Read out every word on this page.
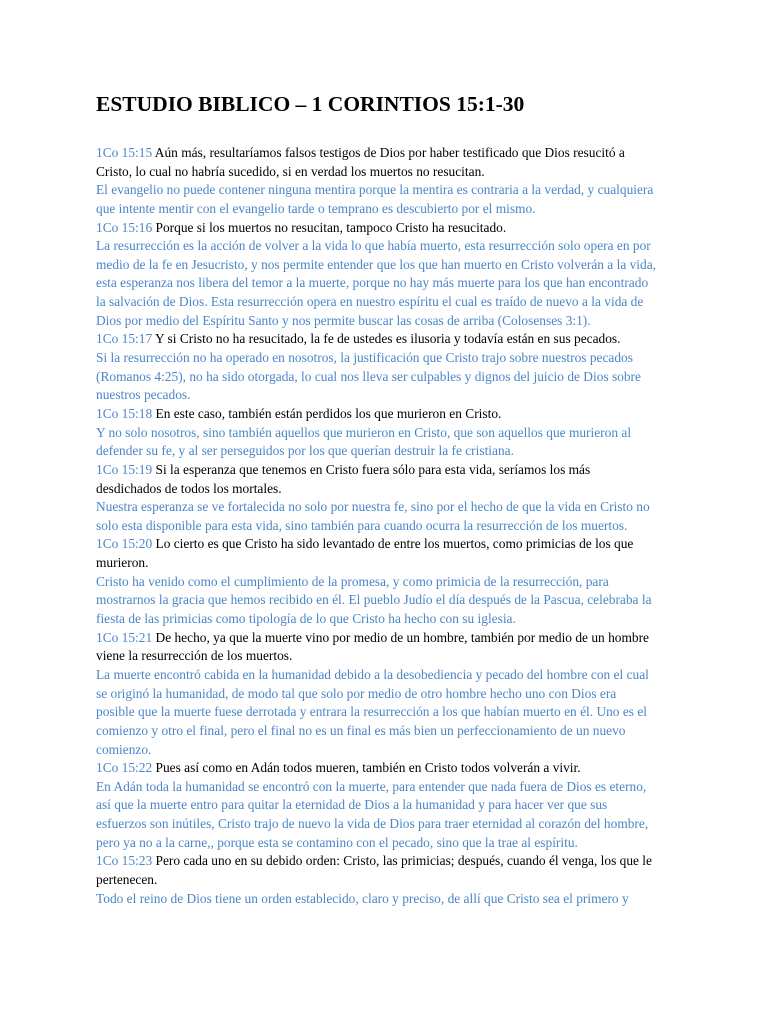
ESTUDIO BIBLICO – 1 CORINTIOS 15:1-30
1Co 15:15 Aún más, resultaríamos falsos testigos de Dios por haber testificado que Dios resucitó a
Cristo, lo cual no habría sucedido, si en verdad los muertos no resucitan.
El evangelio no puede contener ninguna mentira porque la mentira es contraria a la verdad, y cualquiera
que intente mentir con el evangelio tarde o temprano es descubierto por el mismo.
1Co 15:16 Porque si los muertos no resucitan, tampoco Cristo ha resucitado.
La resurrección es la acción de volver a la vida lo que había muerto, esta resurrección solo opera en por
medio de la fe en Jesucristo, y nos permite entender que los que han muerto en Cristo volverán a la vida,
esta esperanza nos libera del temor a la muerte, porque no hay más muerte para los que han encontrado
la salvación de Dios. Esta resurrección opera en nuestro espíritu el cual es traído de nuevo a la vida de
Dios por medio del Espíritu Santo y nos permite buscar las cosas de arriba (Colosenses 3:1).
1Co 15:17 Y si Cristo no ha resucitado, la fe de ustedes es ilusoria y todavía están en sus pecados.
Si la resurrección no ha operado en nosotros, la justificación que Cristo trajo sobre nuestros pecados
(Romanos 4:25), no ha sido otorgada, lo cual nos lleva ser culpables y dignos del juicio de Dios sobre
nuestros pecados.
1Co 15:18 En este caso, también están perdidos los que murieron en Cristo.
Y no solo nosotros, sino también aquellos que murieron en Cristo, que son aquellos que murieron al
defender su fe, y al ser perseguidos por los que querían destruir la fe cristiana.
1Co 15:19 Si la esperanza que tenemos en Cristo fuera sólo para esta vida, seríamos los más
desdichados de todos los mortales.
Nuestra esperanza se ve fortalecida no solo por nuestra fe, sino por el hecho de que la vida en Cristo no
solo esta disponible para esta vida, sino también para cuando ocurra la resurrección de los muertos.
1Co 15:20 Lo cierto es que Cristo ha sido levantado de entre los muertos, como primicias de los que
murieron.
Cristo ha venido como el cumplimiento de la promesa, y como primicia de la resurrección, para
mostrarnos la gracia que hemos recibido en él. El pueblo Judío el día después de la Pascua, celebraba la
fiesta de las primicias como tipología de lo que Cristo ha hecho con su iglesia.
1Co 15:21 De hecho, ya que la muerte vino por medio de un hombre, también por medio de un hombre
viene la resurrección de los muertos.
La muerte encontró cabida en la humanidad debido a la desobediencia y pecado del hombre con el cual
se originó la humanidad, de modo tal que solo por medio de otro hombre hecho uno con Dios era
posible que la muerte fuese derrotada y entrara la resurrección a los que habían muerto en él. Uno es el
comienzo y otro el final, pero el final no es un final es más bien un perfeccionamiento de un nuevo
comienzo.
1Co 15:22 Pues así como en Adán todos mueren, también en Cristo todos volverán a vivir.
En Adán toda la humanidad se encontró con la muerte, para entender que nada fuera de Dios es eterno,
así que la muerte entro para quitar la eternidad de Dios a la humanidad y para hacer ver que sus
esfuerzos son inútiles, Cristo trajo de nuevo la vida de Dios para traer eternidad al corazón del hombre,
pero ya no a la carne,, porque esta se contamino con el pecado, sino que la trae al espíritu.
1Co 15:23 Pero cada uno en su debido orden: Cristo, las primicias; después, cuando él venga, los que le
pertenecen.
Todo el reino de Dios tiene un orden establecido, claro y preciso, de allí que Cristo sea el primero y
